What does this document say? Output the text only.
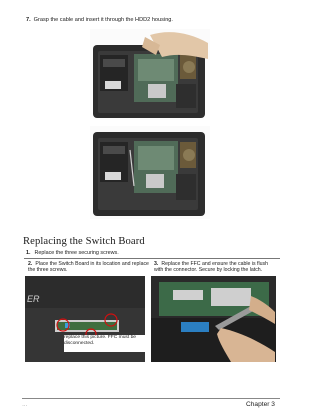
7. Grasp the cable and insert it through the HDD2 housing.
Replacing the Switch Board
1. Replace the three securing screws.
2. Place the Switch Board in its location and replace the three screws.
3. Replace the FFC and ensure the cable is flush with the connector. Secure by locking the latch.
ER
replace this picture. FFC must be disconnected.
…	Chapter 3
